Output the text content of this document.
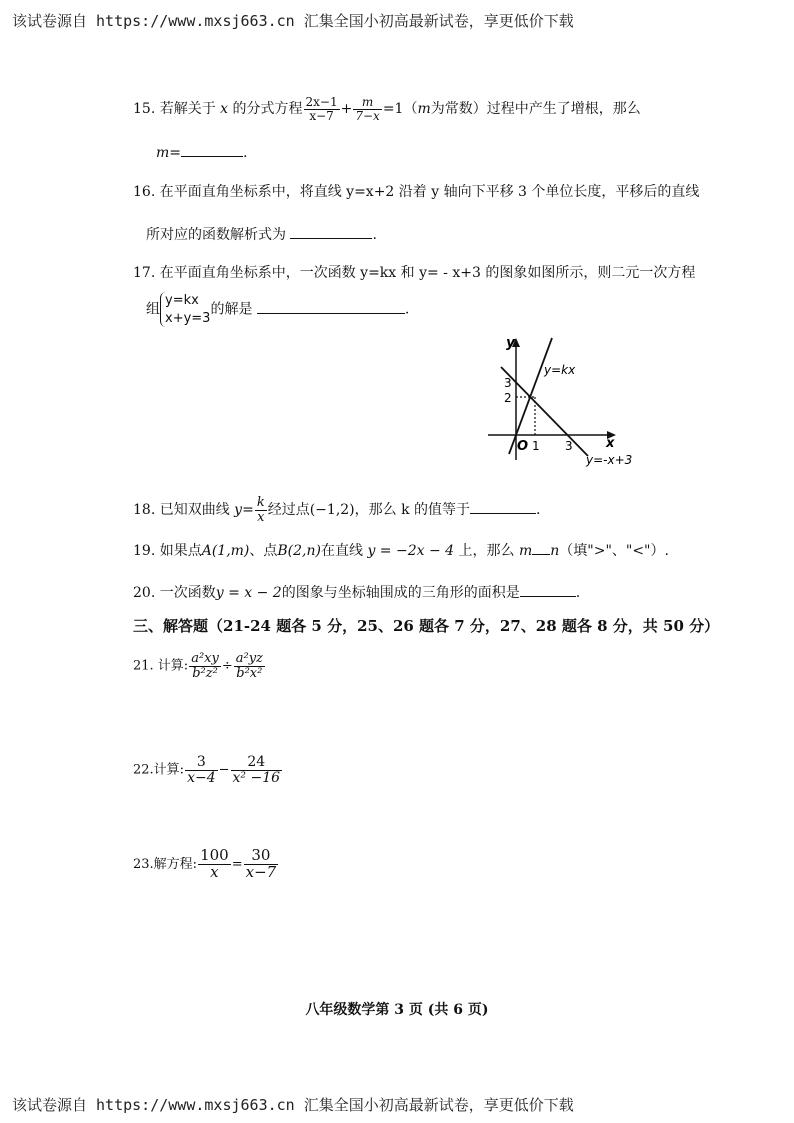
该试卷源自 https://www.mxsj663.cn 汇集全国小初高最新试卷，享更低价下载
15. 若解关于 x 的分式方程 $\frac{2x-1}{x-7} + \frac{m}{7-x} =1(m$为常数）过程中产生了增根，那么
m=	.
16. 在平面直角坐标系中，将直线 y=x+2 沿着 y 轴向下平移 3 个单位长度，平移后的直线
所对应的函数解析式为	.
17. 在平面直角坐标系中，一次函数 y=kx 和 y= - x+3 的图象如图所示，则二元一次方程
组
y=kx
x+y=3
的解是	.
y
x
O 1 3
2
3
y=kx
y=-x+3
18. 已知双曲线 $y= \frac{k}{x}$ 经过点(−1,2)，那么 k 的值等于	.
19. 如果点A(1,m)、点B(2,n)在直线 y = −2x − 4 上，那么 m n（填">"、"<"）.
20. 一次函数y = x − 2的图象与坐标轴围成的三角形的面积是	.
三、解答题（21-24 题各 5 分，25、26 题各 7 分，27、28 题各 8 分，共 50 分）
21. 计算: $\frac{\text{a²xy}}{\text{b²z²}} \div \frac{\text{a²yz}}{\text{b²x²}}$
22.计算: $\frac{3}{x-4} - \frac{24}{\text{x² −16}}$
23.解方程: $\frac{100}{x} = \frac{30}{x-7}$
八年级数学第 3 页 (共 6 页)
该试卷源自 https://www.mxsj663.cn 汇集全国小初高最新试卷，享更低价下载
